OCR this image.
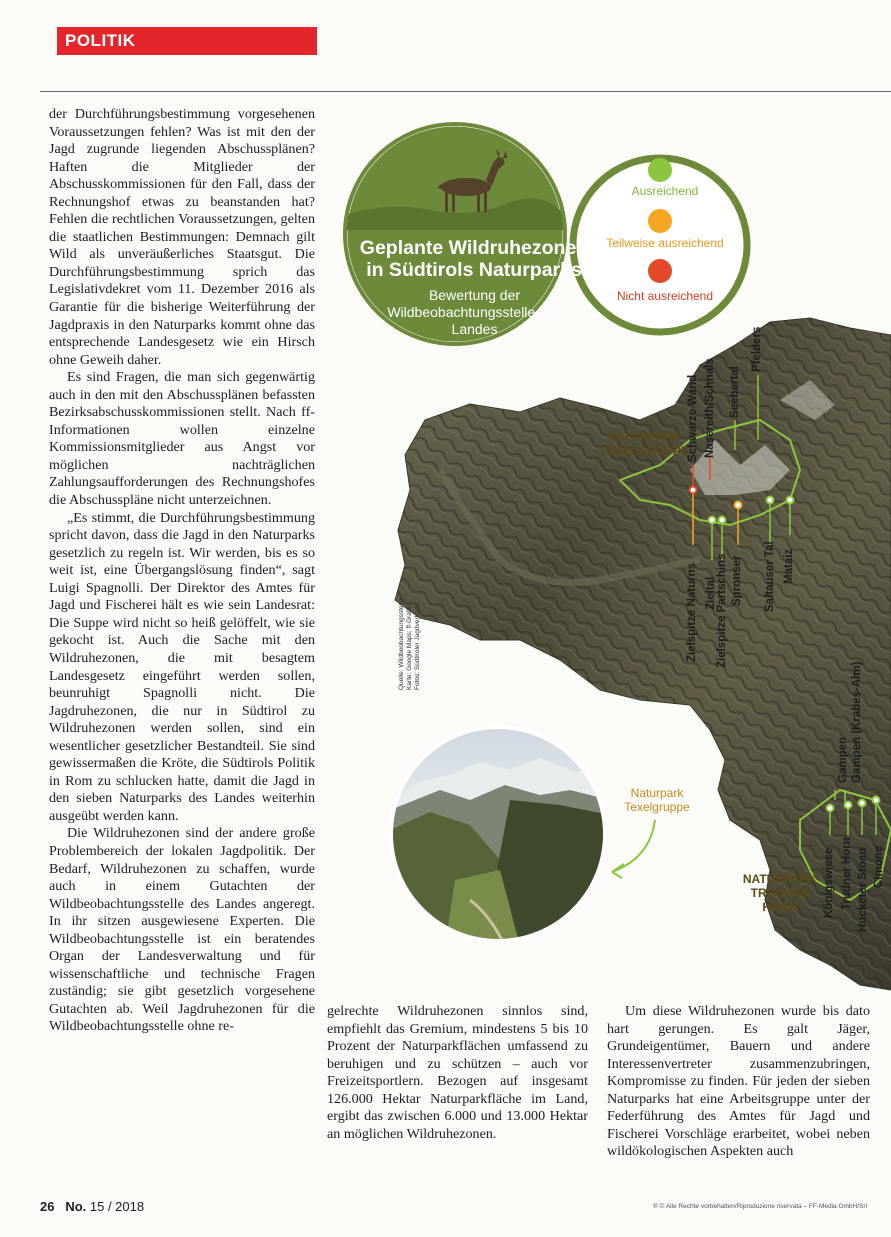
POLITIK
Geplante Wildruhezonen in Südtirols Naturparks
Bewertung der Wildbeobachtungsstelle des Landes
Ausreichend
Teilweise ausreichend
Nicht ausreichend
NATURPARK TEXELGRUPPE
NATURPARK TRUDNER HORN
Naturpark Texelgruppe
Pfelders
Seebertal
Nasereith/Schnals
Schwarze Wand
Zielspitze Naturns Zieltal Zielspitze Partschins Spronser Saltauser Tal Mataiz
Gampen (Krabes-Alm)
Gampen
Königswiese Trudner Horn Hucketer Stoan Cimone
Quelle: Wildbeobachtungsstelle;
Karte: Google Maps; ff-Grafik;
Fotos: Südtiroler Jagdverband

der Durchführungsbestimmung vorgesehenen Voraussetzungen fehlen? Was ist mit den der Jagd zugrunde liegenden Abschussplänen? Haften die Mitglieder der Abschusskommissionen für den Fall, dass der Rechnungshof etwas zu beanstanden hat? Fehlen die rechtlichen Voraussetzungen, gelten die staatlichen Bestimmungen: Demnach gilt Wild als unveräußerliches Staatsgut. Die Durchführungsbestimmung sprich das Legislativdekret vom 11. Dezember 2016 als Garantie für die bisherige Weiterführung der Jagdpraxis in den Naturparks kommt ohne das entsprechende Landesgesetz wie ein Hirsch ohne Geweih daher.

Es sind Fragen, die man sich gegenwärtig auch in den mit den Abschussplänen befassten Bezirksabschusskommissionen stellt. Nach ff-Informationen wollen einzelne Kommissionsmitglieder aus Angst vor möglichen nachträglichen Zahlungsaufforderungen des Rechnungshofes die Abschusspläne nicht unterzeichnen.

„Es stimmt, die Durchführungsbestimmung spricht davon, dass die Jagd in den Naturparks gesetzlich zu regeln ist. Wir werden, bis es so weit ist, eine Übergangslösung finden“, sagt Luigi Spagnolli. Der Direktor des Amtes für Jagd und Fischerei hält es wie sein Landesrat: Die Suppe wird nicht so heiß gelöffelt, wie sie gekocht ist. Auch die Sache mit den Wildruhezonen, die mit besagtem Landesgesetz eingeführt werden sollen, beunruhigt Spagnolli nicht. Die Jagdruhezonen, die nur in Südtirol zu Wildruhezonen werden sollen, sind ein wesentlicher gesetzlicher Bestandteil. Sie sind gewissermaßen die Kröte, die Südtirols Politik in Rom zu schlucken hatte, damit die Jagd in den sieben Naturparks des Landes weiterhin ausgeübt werden kann.

Die Wildruhezonen sind der andere große Problembereich der lokalen Jagdpolitik. Der Bedarf, Wildruhezonen zu schaffen, wurde auch in einem Gutachten der Wildbeobachtungsstelle des Landes angeregt. In ihr sitzen ausgewiesene Experten. Die Wildbeobachtungsstelle ist ein beratendes Organ der Landesverwaltung und für wissenschaftliche und technische Fragen zuständig; sie gibt gesetzlich vorgesehene Gutachten ab. Weil Jagdruhezonen für die Wildbeobachtungsstelle ohne re-

gelrechte Wildruhezonen sinnlos sind, empfiehlt das Gremium, mindestens 5 bis 10 Prozent der Naturparkflächen umfassend zu beruhigen und zu schützen – auch vor Freizeitsportlern. Bezogen auf insgesamt 126.000 Hektar Naturparkfläche im Land, ergibt das zwischen 6.000 und 13.000 Hektar an möglichen Wildruhezonen.

Um diese Wildruhezonen wurde bis dato hart gerungen. Es galt Jäger, Grundeigentümer, Bauern und andere Interessenvertreter zusammenzubringen, Kompromisse zu finden. Für jeden der sieben Naturparks hat eine Arbeitsgruppe unter der Federführung des Amtes für Jagd und Fischerei Vorschläge erarbeitet, wobei neben wildökologischen Aspekten auch

26 No. 15 / 2018	® © Alle Rechte vorbehalten/Riproduzione riservata – FF-Media GmbH/Srl
